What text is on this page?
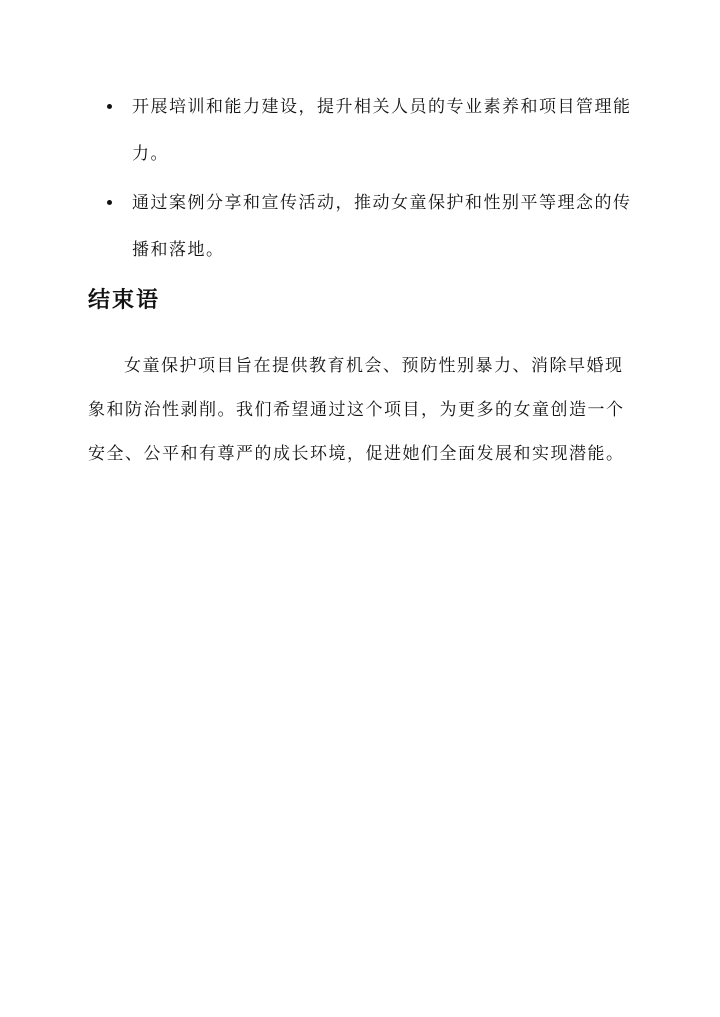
开展培训和能力建设，提升相关人员的专业素养和项目管理能力。
通过案例分享和宣传活动，推动女童保护和性别平等理念的传播和落地。
结束语

女童保护项目旨在提供教育机会、预防性别暴力、消除早婚现象和防治性剥削。我们希望通过这个项目，为更多的女童创造一个安全、公平和有尊严的成长环境，促进她们全面发展和实现潜能。
